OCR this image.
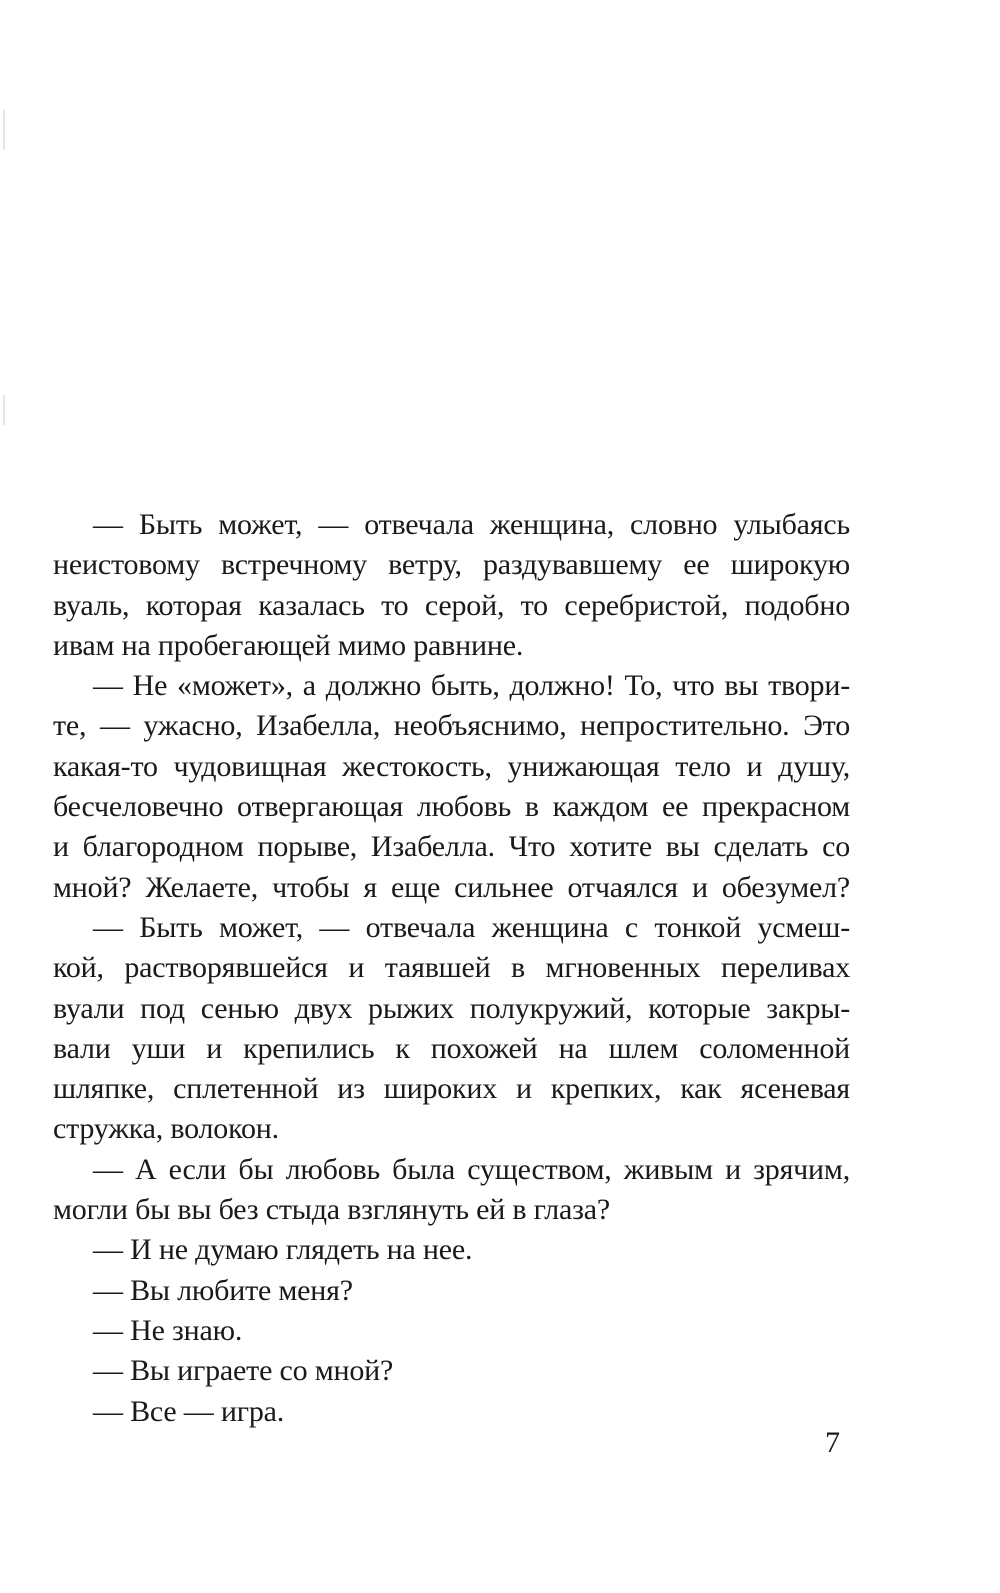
— Быть может, — отвечала женщина, словно улыбаясь
неистовому встречному ветру, раздувавшему ее широкую
вуаль, которая казалась то серой, то серебристой, подобно
ивам на пробегающей мимо равнине.
— Не «может», а должно быть, должно! То, что вы твори-
те, — ужасно, Изабелла, необъяснимо, непростительно. Это
какая-то чудовищная жестокость, унижающая тело и душу,
бесчеловечно отвергающая любовь в каждом ее прекрасном
и благородном порыве, Изабелла. Что хотите вы сделать со
мной? Желаете, чтобы я еще сильнее отчаялся и обезумел?
— Быть может, — отвечала женщина с тонкой усмеш-
кой, растворявшейся и таявшей в мгновенных переливах
вуали под сенью двух рыжих полукружий, которые закры-
вали уши и крепились к похожей на шлем соломенной
шляпке, сплетенной из широких и крепких, как ясеневая
стружка, волокон.
— А если бы любовь была существом, живым и зрячим,
могли бы вы без стыда взглянуть ей в глаза?
— И не думаю глядеть на нее.
— Вы любите меня?
— Не знаю.
— Вы играете со мной?
— Все — игра.
7
